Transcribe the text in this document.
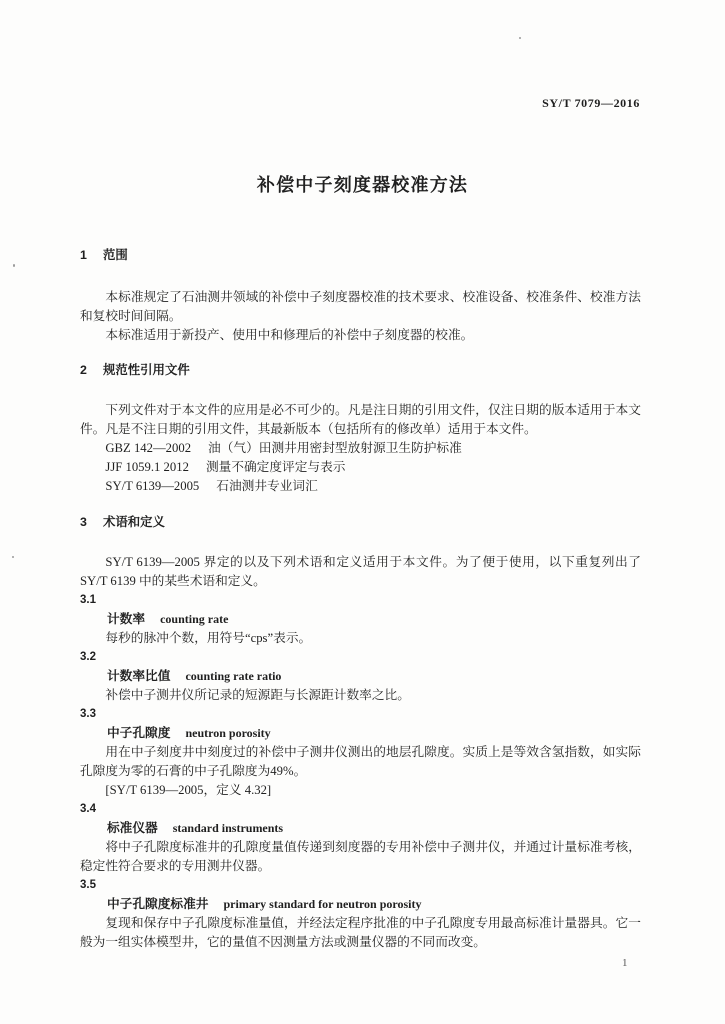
SY/T 7079—2016
补偿中子刻度器校准方法
1 范围
本标准规定了石油测井领域的补偿中子刻度器校准的技术要求、校准设备、校准条件、校准方法
和复校时间间隔。
本标准适用于新投产、使用中和修理后的补偿中子刻度器的校准。
2 规范性引用文件
下列文件对于本文件的应用是必不可少的。凡是注日期的引用文件，仅注日期的版本适用于本文
件。凡是不注日期的引用文件，其最新版本（包括所有的修改单）适用于本文件。
GBZ 142—2002 油（气）田测井用密封型放射源卫生防护标准
JJF 1059.1 2012 测量不确定度评定与表示
SY/T 6139—2005 石油测井专业词汇
3 术语和定义
SY/T 6139—2005 界定的以及下列术语和定义适用于本文件。为了便于使用，以下重复列出了
SY/T 6139 中的某些术语和定义。
3.1
计数率 counting rate
每秒的脉冲个数，用符号“cps”表示。
3.2
计数率比值 counting rate ratio
补偿中子测井仪所记录的短源距与长源距计数率之比。
3.3
中子孔隙度 neutron porosity
用在中子刻度井中刻度过的补偿中子测井仪测出的地层孔隙度。实质上是等效含氢指数，如实际
孔隙度为零的石膏的中子孔隙度为49%。
[SY/T 6139—2005，定义 4.32]
3.4
标准仪器 standard instruments
将中子孔隙度标准井的孔隙度量值传递到刻度器的专用补偿中子测井仪，并通过计量标准考核，
稳定性符合要求的专用测井仪器。
3.5
中子孔隙度标准井 primary standard for neutron porosity
复现和保存中子孔隙度标准量值，并经法定程序批准的中子孔隙度专用最高标准计量器具。它一
般为一组实体模型井，它的量值不因测量方法或测量仪器的不同而改变。
1
